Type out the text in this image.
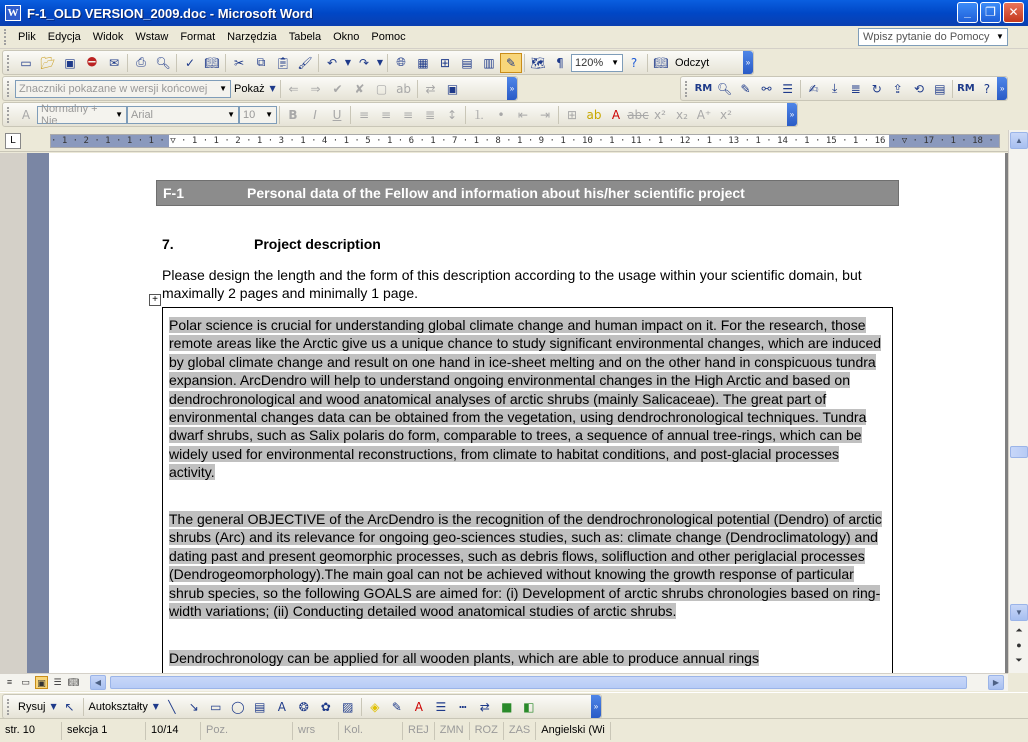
W F-1_OLD VERSION_2009.doc - Microsoft Word	_	❐	✕
Plik	Edycja	Widok	Wstaw	Format	Narzędzia	Tabela	Okno	Pomoc	Wpisz pytanie do Pomocy ▼
▭ 📂︎ ▣ ⛔︎ ✉	⎙ 🔍︎	✓ 📖︎	✂	⧉ 📋︎ 🖌︎	↶ ▼ ↷ ▼	🌐︎ ▦ ⊞ ▤ ▥ ✎	🗺︎ ¶	120% ▼ ?	📖︎ Odczyt	»
Znaczniki pokazane w wersji końcowej ▼ Pokaż ▼	⇐ ⇒ ✔ ✘ ▢ ab	⇄ ▣	»	RM 🔍︎ ✎ ⚯ ☰	✍	⤓	≣ ↻ ⇪ ⟲ ▤	RM ?	»
A Normalny + Nie	▼ Arial	▼ 10 ▼	B	I	U	≡ ≡ ≡ ≣ ↕	⒈	•	⇤ ⇥	⊞ ab A abc x² x₂ A⁺ x²	»
L	· 1 · 2 · 1 · 1 · 1 · ▽ · 1 · 1 · 2 · 1 · 3 · 1 · 4 · 1 · 5 · 1 · 6 · 1 · 7 · 1 · 8 · 1 · 9 · 1 · 10 · 1 · 11 · 1 · 12 · 1 · 13 · 1 · 14 · 1 · 15 · 1 · 16 · ▽ · 17 · 1 · 18 ·
F-1	Personal data of the Fellow and information about his/her scientific project
7.	Project description
Please design the length and the form of this description according to the usage within your scientific domain, but maximally 2 pages and minimally 1 page.
+
Polar science is crucial for understanding global climate change and human impact on it. For the research, those remote areas like the Arctic give us a unique chance to study significant environmental changes, which are induced by global climate change and result on one hand in ice-sheet melting and on the other hand in conspicuous tundra expansion. ArcDendro will help to understand ongoing environmental changes in the High Arctic and based on dendrochronological and wood anatomical analyses of arctic shrubs (mainly Salicaceae). The great part of environmental changes data can be obtained from the vegetation, using dendrochronological techniques. Tundra dwarf shrubs, such as Salix polaris do form, comparable to trees, a sequence of annual tree-rings, which can be widely used for environmental reconstructions, from climate to habitat conditions, and post-glacial processes activity.
The general OBJECTIVE of the ArcDendro is the recognition of the dendrochronological potential (Dendro) of arctic shrubs (Arc) and its relevance for ongoing geo-sciences studies, such as: climate change (Dendroclimatology) and dating past and present geomorphic processes, such as debris flows, solifluction and other periglacial processes (Dendrogeomorphology).The main goal can not be achieved without knowing the growth response of particular shrub species, so the following GOALS are aimed for: (i) Development of arctic shrubs chronologies based on ring-width variations; (ii) Conducting detailed wood anatomical studies of arctic shrubs.
Dendrochronology can be applied for all wooden plants, which are able to produce annual rings
▲
▼
⏶
●
⏷
≡	▭ ▣ ☰ 📖︎	◀	▶
Rysuj ▼ ↖	Autokształty ▼ ╲	↘ ▭ ◯ ▤	A	❂ ✿ ▨	◈	✎	A	☰	┅	⇄ ■ ◧	»
str. 10	sekcja 1	10/14	Poz.	wrs	Kol.	REJ	ZMN	ROZ	ZAS	Angielski (Wi
